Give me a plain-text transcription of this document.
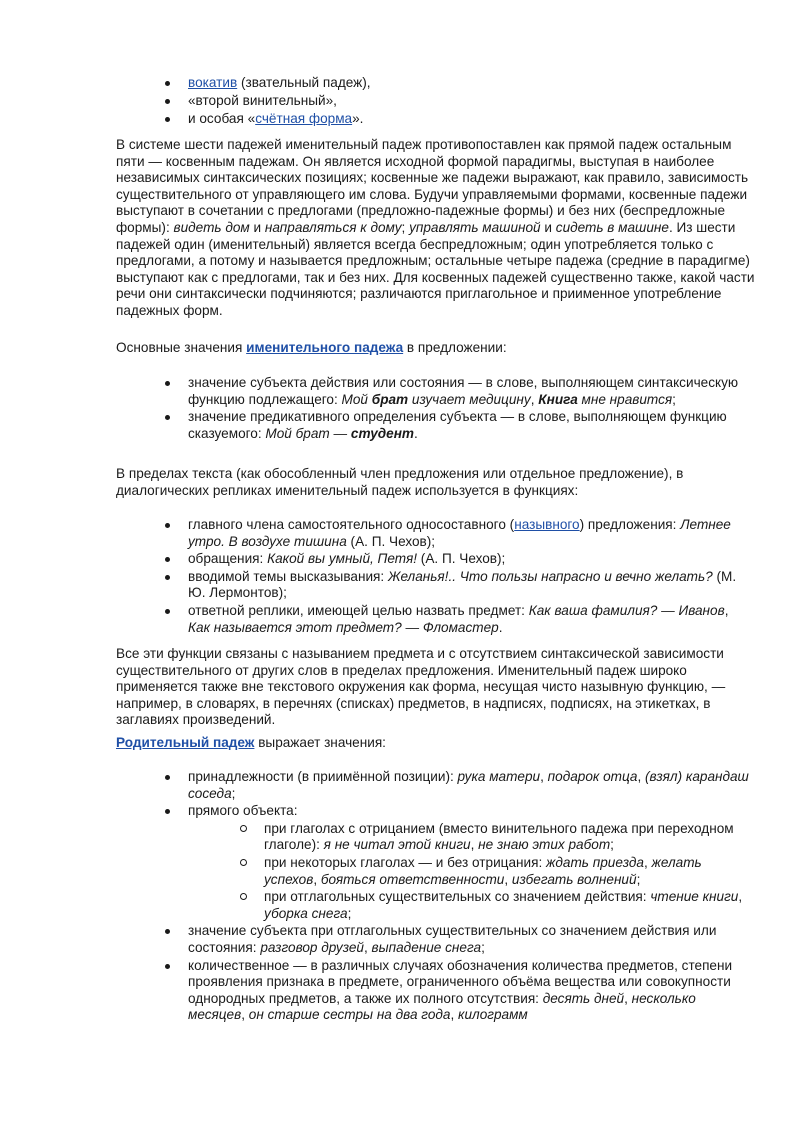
вокатив (звательный падеж),
«второй винительный»,
и особая «счётная форма».

В системе шести падежей именительный падеж противопоставлен как прямой падеж остальным пяти — косвенным падежам. Он является исходной формой парадигмы, выступая в наиболее независимых синтаксических позициях; косвенные же падежи выражают, как правило, зависимость существительного от управляющего им слова. Будучи управляемыми формами, косвенные падежи выступают в сочетании с предлогами (предложно-падежные формы) и без них (беспредложные формы): видеть дом и направляться к дому; управлять машиной и сидеть в машине. Из шести падежей один (именительный) является всегда беспредложным; один употребляется только с предлогами, а потому и называется предложным; остальные четыре падежа (средние в парадигме) выступают как с предлогами, так и без них. Для косвенных падежей существенно также, какой части речи они синтаксически подчиняются; различаются приглагольное и приименное употребление падежных форм.

Основные значения именительного падежа в предложении:

значение субъекта действия или состояния — в слове, выполняющем синтаксическую функцию подлежащего: Мой брат изучает медицину, Книга мне нравится;
значение предикативного определения субъекта — в слове, выполняющем функцию сказуемого: Мой брат — студент.

В пределах текста (как обособленный член предложения или отдельное предложение), в диалогических репликах именительный падеж используется в функциях:

главного члена самостоятельного односоставного (назывного) предложения: Летнее утро. В воздухе тишина (А. П. Чехов);
обращения: Какой вы умный, Петя! (А. П. Чехов);
вводимой темы высказывания: Желанья!.. Что пользы напрасно и вечно желать? (М. Ю. Лермонтов);
ответной реплики, имеющей целью назвать предмет: Как ваша фамилия? — Иванов, Как называется этот предмет? — Фломастер.

Все эти функции связаны с называнием предмета и с отсутствием синтаксической зависимости существительного от других слов в пределах предложения. Именительный падеж широко применяется также вне текстового окружения как форма, несущая чисто назывную функцию, — например, в словарях, в перечнях (списках) предметов, в надписях, подписях, на этикетках, в заглавиях произведений.

Родительный падеж выражает значения:

принадлежности (в приимённой позиции): рука матери, подарок отца, (взял) карандаш соседа;
прямого объекта:
при глаголах с отрицанием (вместо винительного падежа при переходном глаголе): я не читал этой книги, не знаю этих работ;
при некоторых глаголах — и без отрицания: ждать приезда, желать успехов, бояться ответственности, избегать волнений;
при отглагольных существительных со значением действия: чтение книги, уборка снега;
значение субъекта при отглагольных существительных со значением действия или состояния: разговор друзей, выпадение снега;
количественное — в различных случаях обозначения количества предметов, степени проявления признака в предмете, ограниченного объёма вещества или совокупности однородных предметов, а также их полного отсутствия: десять дней, несколько месяцев, он старше сестры на два года, килограмм
